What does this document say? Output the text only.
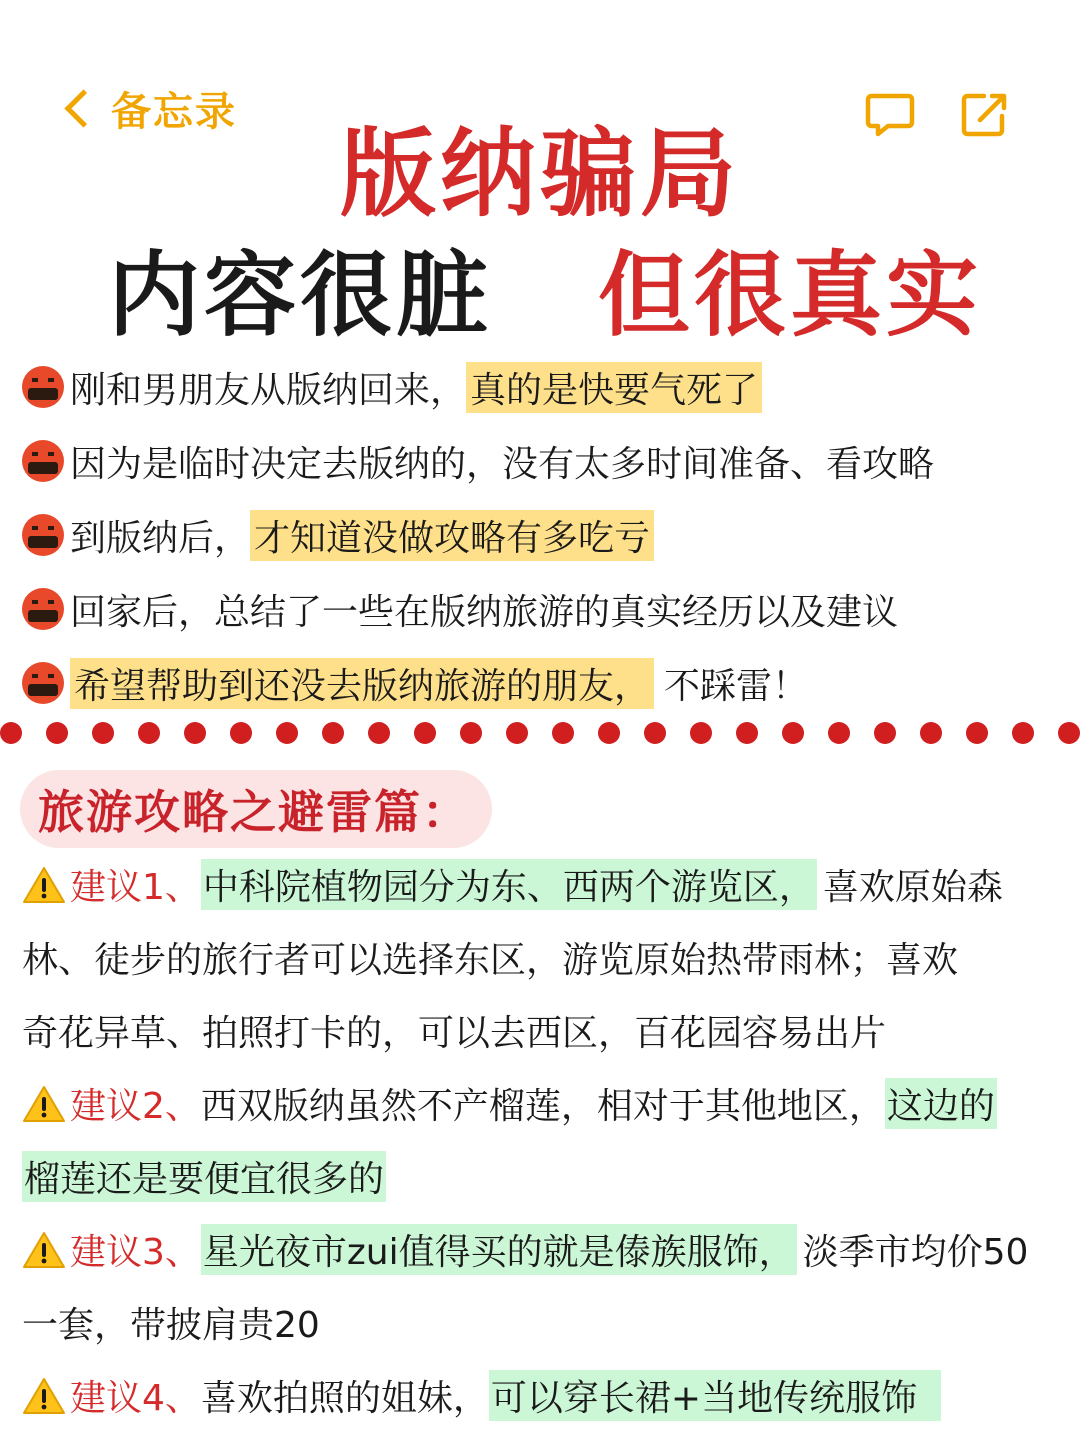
备忘录
版纳骗局
内容很脏 但很真实
刚和男朋友从版纳回来， 真的是快要气死了
因为是临时决定去版纳的，没有太多时间准备、看攻略
到版纳后， 才知道没做攻略有多吃亏
回家后，总结了一些在版纳旅游的真实经历以及建议
希望帮助到还没去版纳旅游的朋友， 不踩雷！
旅游攻略之避雷篇：
建议1、 中科院植物园分为东、西两个游览区， 喜欢原始森
林、徒步的旅行者可以选择东区，游览原始热带雨林；喜欢
奇花异草、拍照打卡的，可以去西区，百花园容易出片
建议2、 西双版纳虽然不产榴莲，相对于其他地区， 这边的
榴莲还是要便宜很多的
建议3、 星光夜市zui值得买的就是傣族服饰， 淡季市均价50
一套，带披肩贵20
建议4、 喜欢拍照的姐妹， 可以穿长裙+当地传统服饰
